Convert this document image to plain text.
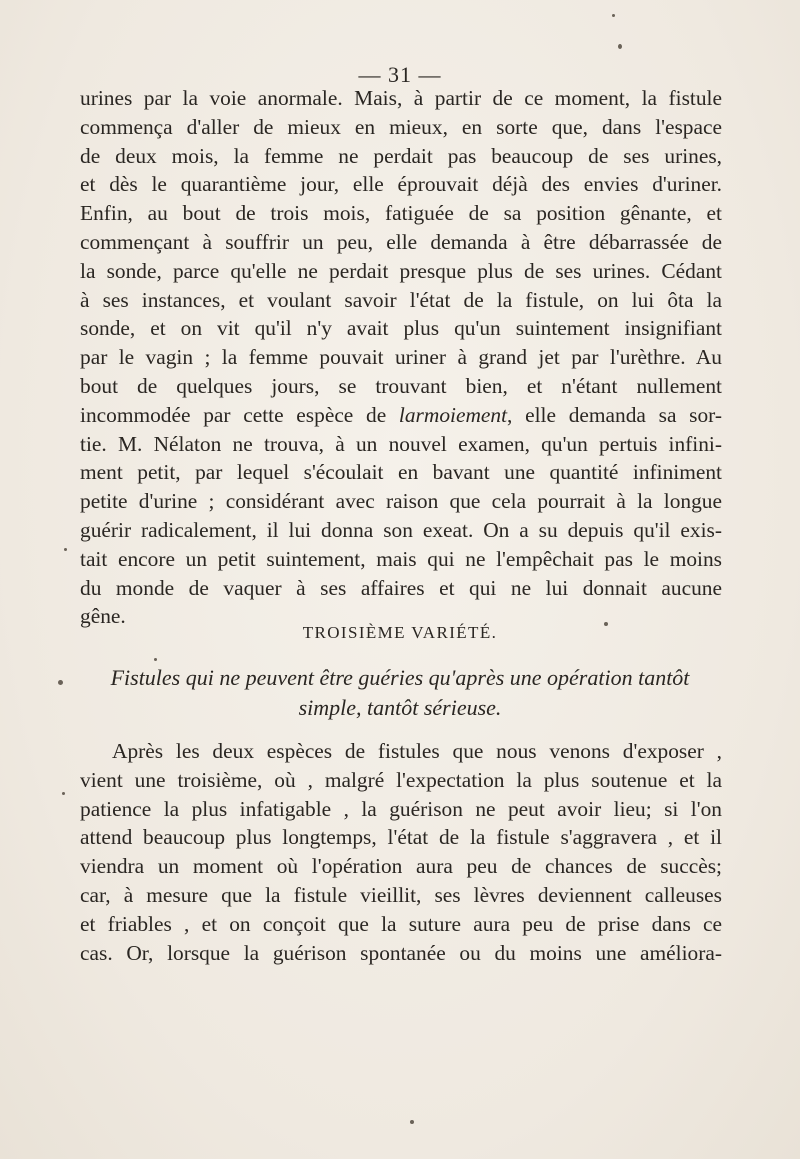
— 31 —
urines par la voie anormale. Mais, à partir de ce moment, la fistule
commença d'aller de mieux en mieux, en sorte que, dans l'espace
de deux mois, la femme ne perdait pas beaucoup de ses urines,
et dès le quarantième jour, elle éprouvait déjà des envies d'uriner.
Enfin, au bout de trois mois, fatiguée de sa position gênante, et
commençant à souffrir un peu, elle demanda à être débarrassée de
la sonde, parce qu'elle ne perdait presque plus de ses urines. Cédant
à ses instances, et voulant savoir l'état de la fistule, on lui ôta la
sonde, et on vit qu'il n'y avait plus qu'un suintement insignifiant
par le vagin ; la femme pouvait uriner à grand jet par l'urèthre. Au
bout de quelques jours, se trouvant bien, et n'étant nullement
incommodée par cette espèce de larmoiement, elle demanda sa sor-
tie. M. Nélaton ne trouva, à un nouvel examen, qu'un pertuis infini-
ment petit, par lequel s'écoulait en bavant une quantité infiniment
petite d'urine ; considérant avec raison que cela pourrait à la longue
guérir radicalement, il lui donna son exeat. On a su depuis qu'il exis-
tait encore un petit suintement, mais qui ne l'empêchait pas le moins
du monde de vaquer à ses affaires et qui ne lui donnait aucune
gêne.
TROISIÈME VARIÉTÉ.
Fistules qui ne peuvent être guéries qu'après une opération tantôt
simple, tantôt sérieuse.
Après les deux espèces de fistules que nous venons d'exposer ,
vient une troisième, où , malgré l'expectation la plus soutenue et la
patience la plus infatigable , la guérison ne peut avoir lieu; si l'on
attend beaucoup plus longtemps, l'état de la fistule s'aggravera , et il
viendra un moment où l'opération aura peu de chances de succès;
car, à mesure que la fistule vieillit, ses lèvres deviennent calleuses
et friables , et on conçoit que la suture aura peu de prise dans ce
cas. Or, lorsque la guérison spontanée ou du moins une améliora-
